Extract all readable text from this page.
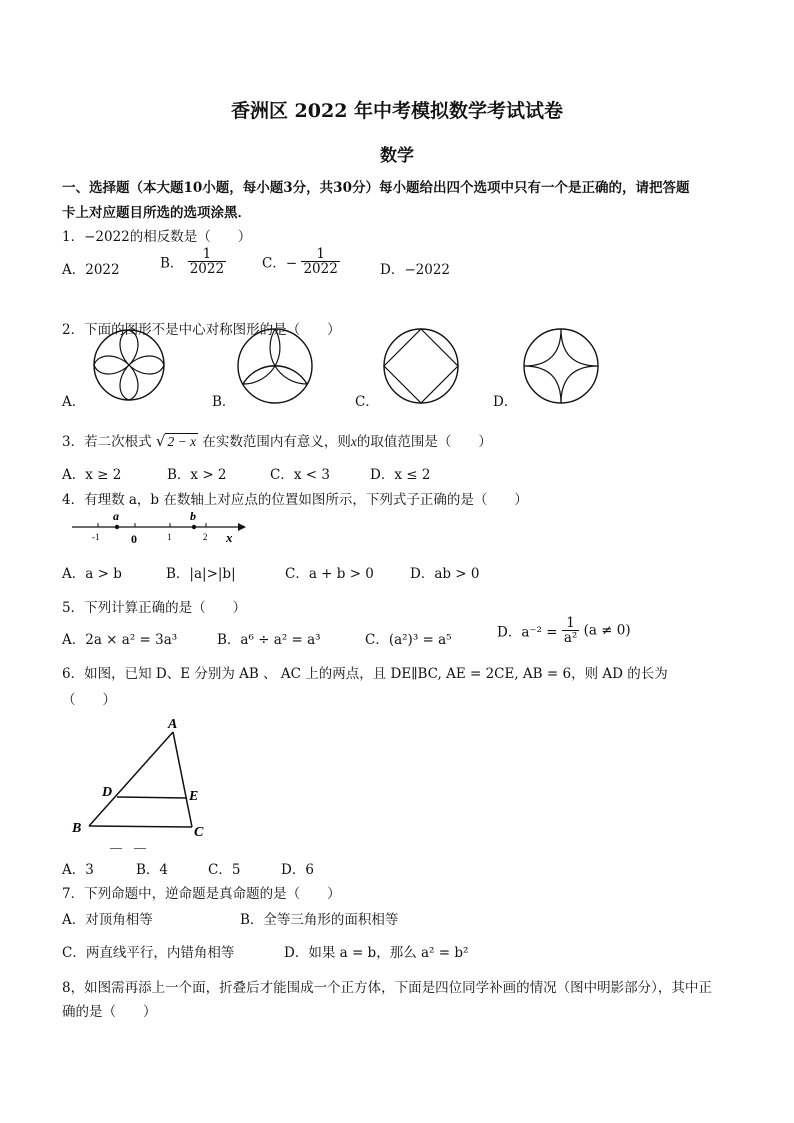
香洲区 2022 年中考模拟数学考试试卷
数学
一、选择题（本大题10小题，每小题3分，共30分）每小题给出四个选项中只有一个是正确的，请把答题
卡上对应题目所选的选项涂黑．
1．−2022的相反数是（　　）
A．2022	B． $\frac{1}{2022}$	C．− $\frac{1}{2022}$	D．−2022
2．下面的图形不是中心对称图形的是（　　）
A．	B．	C．	D．
3．若二次根式 √ 2 − x 在实数范围内有意义，则x的取值范围是（　　）
A．x ≥ 2	B．x > 2	C．x < 3	D．x ≤ 2
4．有理数 a，b 在数轴上对应点的位置如图所示，下列式子正确的是（　　）
a	b
-1	0	1	2 x
A．a > b	B．|a|>|b|	C．a + b > 0	D．ab > 0
5．下列计算正确的是（　　）
A．2a × a² = 3a³	B．a⁶ ÷ a² = a³	C．(a²)³ = a⁵	D．$a^{-2} = \frac{1}{\text{a²}} (a \ne 0)$
6．如图，已知 D、E 分别为 AB 、 AC 上的两点，且 DE∥BC, AE = 2CE, AB = 6，则 AD 的长为
（　　）
A
B	C
D	E
—　—
A．3	B．4	C．5	D．6
7．下列命题中，逆命题是真命题的是（　　）
A．对顶角相等	B．全等三角形的面积相等
C．两直线平行，内错角相等	D．如果 a = b，那么 a² = b²
8，如图需再添上一个面，折叠后才能围成一个正方体，下面是四位同学补画的情况（图中明影部分），其中正
确的是（　　）
